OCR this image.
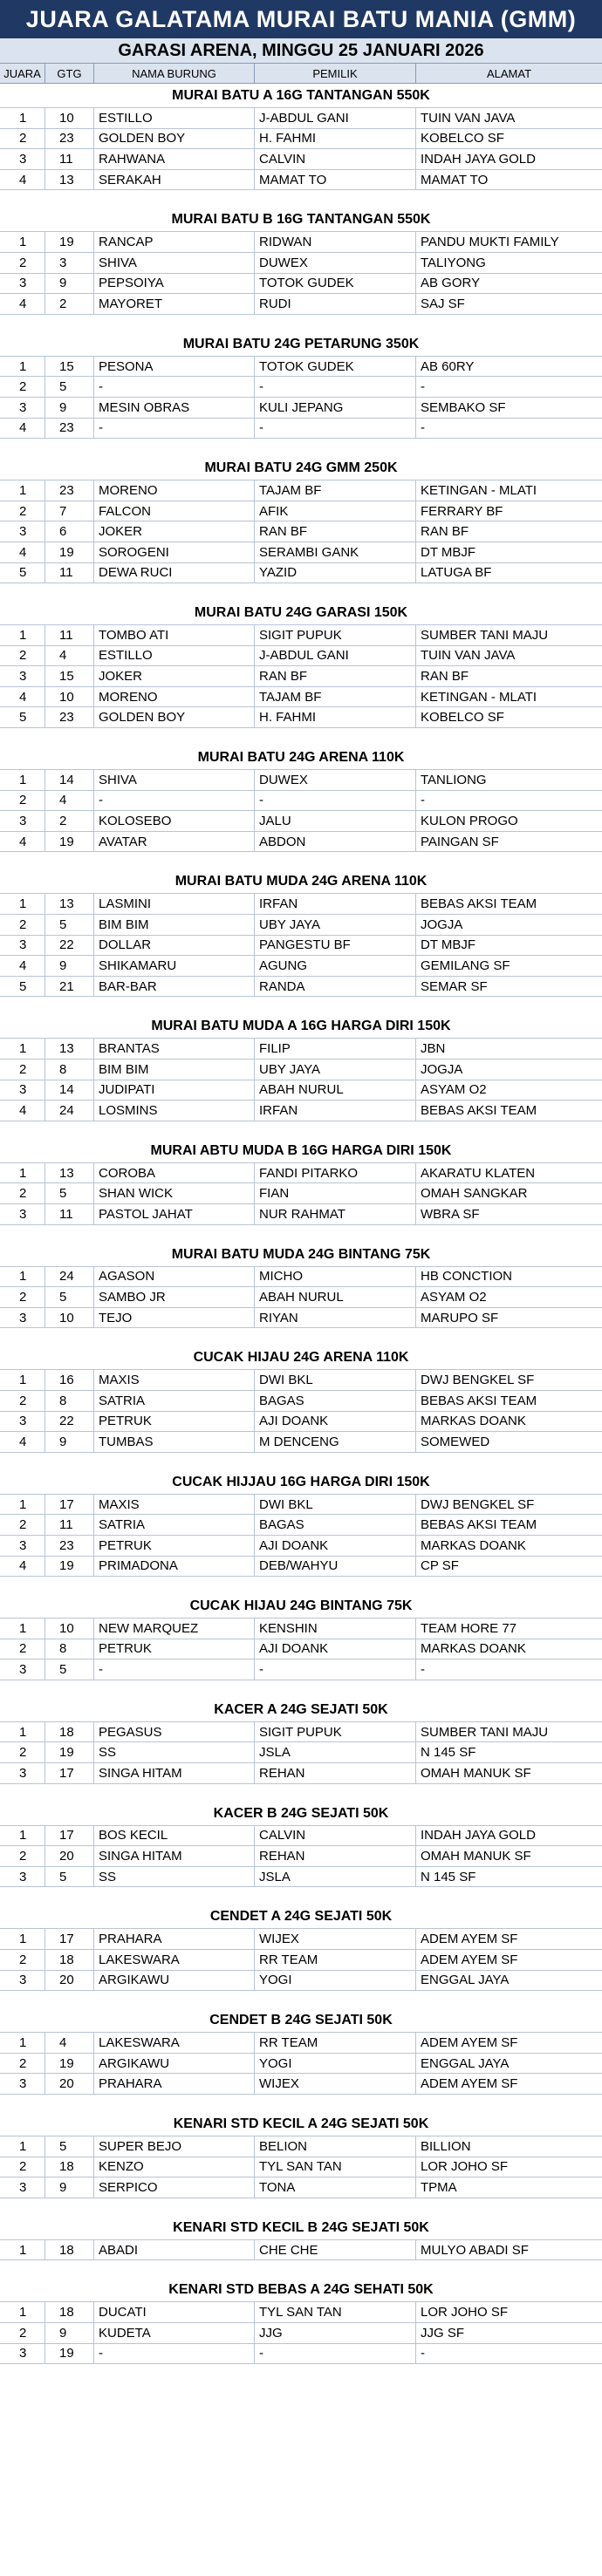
JUARA GALATAMA MURAI BATU MANIA (GMM)
GARASI ARENA, MINGGU 25 JANUARI 2026
JUARA	GTG	NAMA BURUNG	PEMILIK	ALAMAT
MURAI BATU A 16G TANTANGAN 550K
1	10	ESTILLO	J-ABDUL GANI	TUIN VAN JAVA
2	23	GOLDEN BOY	H. FAHMI	KOBELCO SF
3	11	RAHWANA	CALVIN	INDAH JAYA GOLD
4	13	SERAKAH	MAMAT TO	MAMAT TO
MURAI BATU B 16G TANTANGAN 550K
1	19	RANCAP	RIDWAN	PANDU MUKTI FAMILY
2	3	SHIVA	DUWEX	TALIYONG
3	9	PEPSOIYA	TOTOK GUDEK	AB GORY
4	2	MAYORET	RUDI	SAJ SF
MURAI BATU 24G PETARUNG 350K
1	15	PESONA	TOTOK GUDEK	AB 60RY
2	5	-	-	-
3	9	MESIN OBRAS	KULI JEPANG	SEMBAKO SF
4	23	-	-	-
MURAI BATU 24G GMM 250K
1	23	MORENO	TAJAM BF	KETINGAN - MLATI
2	7	FALCON	AFIK	FERRARY BF
3	6	JOKER	RAN BF	RAN BF
4	19	SOROGENI	SERAMBI GANK	DT MBJF
5	11	DEWA RUCI	YAZID	LATUGA BF
MURAI BATU 24G GARASI 150K
1	11	TOMBO ATI	SIGIT PUPUK	SUMBER TANI MAJU
2	4	ESTILLO	J-ABDUL GANI	TUIN VAN JAVA
3	15	JOKER	RAN BF	RAN BF
4	10	MORENO	TAJAM BF	KETINGAN - MLATI
5	23	GOLDEN BOY	H. FAHMI	KOBELCO SF
MURAI BATU 24G ARENA 110K
1	14	SHIVA	DUWEX	TANLIONG
2	4	-	-	-
3	2	KOLOSEBO	JALU	KULON PROGO
4	19	AVATAR	ABDON	PAINGAN SF
MURAI BATU MUDA 24G ARENA 110K
1	13	LASMINI	IRFAN	BEBAS AKSI TEAM
2	5	BIM BIM	UBY JAYA	JOGJA
3	22	DOLLAR	PANGESTU BF	DT MBJF
4	9	SHIKAMARU	AGUNG	GEMILANG SF
5	21	BAR-BAR	RANDA	SEMAR SF
MURAI BATU MUDA A 16G HARGA DIRI 150K
1	13	BRANTAS	FILIP	JBN
2	8	BIM BIM	UBY JAYA	JOGJA
3	14	JUDIPATI	ABAH NURUL	ASYAM O2
4	24	LOSMINS	IRFAN	BEBAS AKSI TEAM
MURAI ABTU MUDA B 16G HARGA DIRI 150K
1	13	COROBA	FANDI PITARKO	AKARATU KLATEN
2	5	SHAN WICK	FIAN	OMAH SANGKAR
3	11	PASTOL JAHAT	NUR RAHMAT	WBRA SF
MURAI BATU MUDA 24G BINTANG 75K
1	24	AGASON	MICHO	HB CONCTION
2	5	SAMBO JR	ABAH NURUL	ASYAM O2
3	10	TEJO	RIYAN	MARUPO SF
CUCAK HIJAU 24G ARENA 110K
1	16	MAXIS	DWI BKL	DWJ BENGKEL SF
2	8	SATRIA	BAGAS	BEBAS AKSI TEAM
3	22	PETRUK	AJI DOANK	MARKAS DOANK
4	9	TUMBAS	M DENCENG	SOMEWED
CUCAK HIJJAU 16G HARGA DIRI 150K
1	17	MAXIS	DWI BKL	DWJ BENGKEL SF
2	11	SATRIA	BAGAS	BEBAS AKSI TEAM
3	23	PETRUK	AJI DOANK	MARKAS DOANK
4	19	PRIMADONA	DEB/WAHYU	CP SF
CUCAK HIJAU 24G BINTANG 75K
1	10	NEW MARQUEZ	KENSHIN	TEAM HORE 77
2	8	PETRUK	AJI DOANK	MARKAS DOANK
3	5	-	-	-
KACER A 24G SEJATI 50K
1	18	PEGASUS	SIGIT PUPUK	SUMBER TANI MAJU
2	19	SS	JSLA	N 145 SF
3	17	SINGA HITAM	REHAN	OMAH MANUK SF
KACER B 24G SEJATI 50K
1	17	BOS KECIL	CALVIN	INDAH JAYA GOLD
2	20	SINGA HITAM	REHAN	OMAH MANUK SF
3	5	SS	JSLA	N 145 SF
CENDET A 24G SEJATI 50K
1	17	PRAHARA	WIJEX	ADEM AYEM SF
2	18	LAKESWARA	RR TEAM	ADEM AYEM SF
3	20	ARGIKAWU	YOGI	ENGGAL JAYA
CENDET B 24G SEJATI 50K
1	4	LAKESWARA	RR TEAM	ADEM AYEM SF
2	19	ARGIKAWU	YOGI	ENGGAL JAYA
3	20	PRAHARA	WIJEX	ADEM AYEM SF
KENARI STD KECIL A 24G SEJATI 50K
1	5	SUPER BEJO	BELION	BILLION
2	18	KENZO	TYL SAN TAN	LOR JOHO SF
3	9	SERPICO	TONA	TPMA
KENARI STD KECIL B 24G SEJATI 50K
1	18	ABADI	CHE CHE	MULYO ABADI SF
KENARI STD BEBAS A 24G SEHATI 50K
1	18	DUCATI	TYL SAN TAN	LOR JOHO SF
2	9	KUDETA	JJG	JJG SF
3	19	-	-	-
